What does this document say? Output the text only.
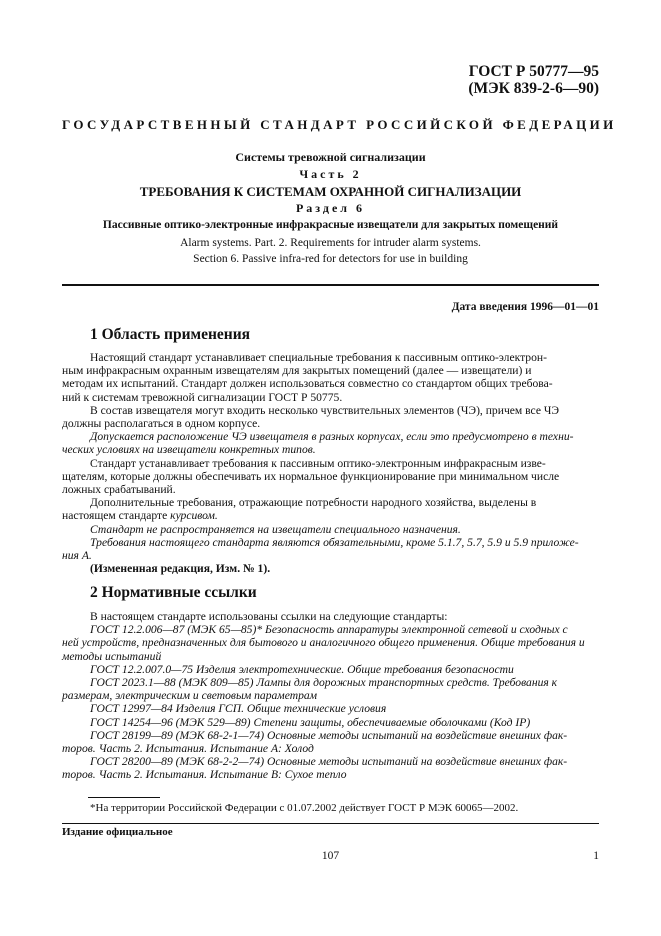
ГОСТ Р 50777—95
(МЭК 839-2-6—90)
ГОСУДАРСТВЕННЫЙ СТАНДАРТ РОССИЙСКОЙ ФЕДЕРАЦИИ
Системы тревожной сигнализации
Часть 2
ТРЕБОВАНИЯ К СИСТЕМАМ ОХРАННОЙ СИГНАЛИЗАЦИИ
Раздел 6
Пассивные оптико-электронные инфракрасные извещатели для закрытых помещений
Alarm systems. Part. 2. Requirements for intruder alarm systems.
Section 6. Passive infra-red for detectors for use in building
Дата введения 1996—01—01
1 Область применения
Настоящий стандарт устанавливает специальные требования к пассивным оптико-электрон-
ным инфракрасным охранным извещателям для закрытых помещений (далее — извещатели) и
методам их испытаний. Стандарт должен использоваться совместно со стандартом общих требова-
ний к системам тревожной сигнализации ГОСТ Р 50775.
В состав извещателя могут входить несколько чувствительных элементов (ЧЭ), причем все ЧЭ
должны располагаться в одном корпусе.
Допускается расположение ЧЭ извещателя в разных корпусах, если это предусмотрено в техни-
ческих условиях на извещатели конкретных типов.
Стандарт устанавливает требования к пассивным оптико-электронным инфракрасным изве-
щателям, которые должны обеспечивать их нормальное функционирование при минимальном числе
ложных срабатываний.
Дополнительные требования, отражающие потребности народного хозяйства, выделены в
настоящем стандарте курсивом.
Стандарт не распространяется на извещатели специального назначения.
Требования настоящего стандарта являются обязательными, кроме 5.1.7, 5.7, 5.9 и 5.9 приложе-
ния А.
(Измененная редакция, Изм. № 1).
2 Нормативные ссылки
В настоящем стандарте использованы ссылки на следующие стандарты:
ГОСТ 12.2.006—87 (МЭК 65—85)* Безопасность аппаратуры электронной сетевой и сходных с
ней устройств, предназначенных для бытового и аналогичного общего применения. Общие требования и
методы испытаний
ГОСТ 12.2.007.0—75 Изделия электротехнические. Общие требования безопасности
ГОСТ 2023.1—88 (МЭК 809—85) Лампы для дорожных транспортных средств. Требования к
размерам, электрическим и световым параметрам
ГОСТ 12997—84 Изделия ГСП. Общие технические условия
ГОСТ 14254—96 (МЭК 529—89) Степени защиты, обеспечиваемые оболочками (Код IP)
ГОСТ 28199—89 (МЭК 68-2-1—74) Основные методы испытаний на воздействие внешних фак-
торов. Часть 2. Испытания. Испытание А: Холод
ГОСТ 28200—89 (МЭК 68-2-2—74) Основные методы испытаний на воздействие внешних фак-
торов. Часть 2. Испытания. Испытание В: Сухое тепло
*На территории Российской Федерации с 01.07.2002 действует ГОСТ Р МЭК 60065—2002.
Издание официальное
107	1
